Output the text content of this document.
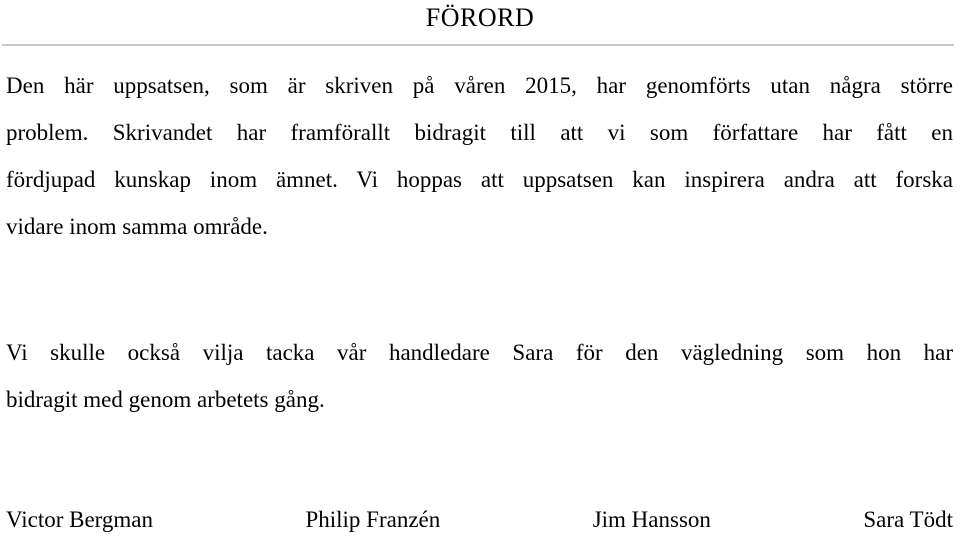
FÖRORD
Den här uppsatsen, som är skriven på våren 2015, har genomförts utan några större
problem. Skrivandet har framförallt bidragit till att vi som författare har fått en
fördjupad kunskap inom ämnet. Vi hoppas att uppsatsen kan inspirera andra att forska
vidare inom samma område.
Vi skulle också vilja tacka vår handledare Sara för den vägledning som hon har
bidragit med genom arbetets gång.
Victor Bergman	Philip Franzén	Jim Hansson	Sara Tödt
